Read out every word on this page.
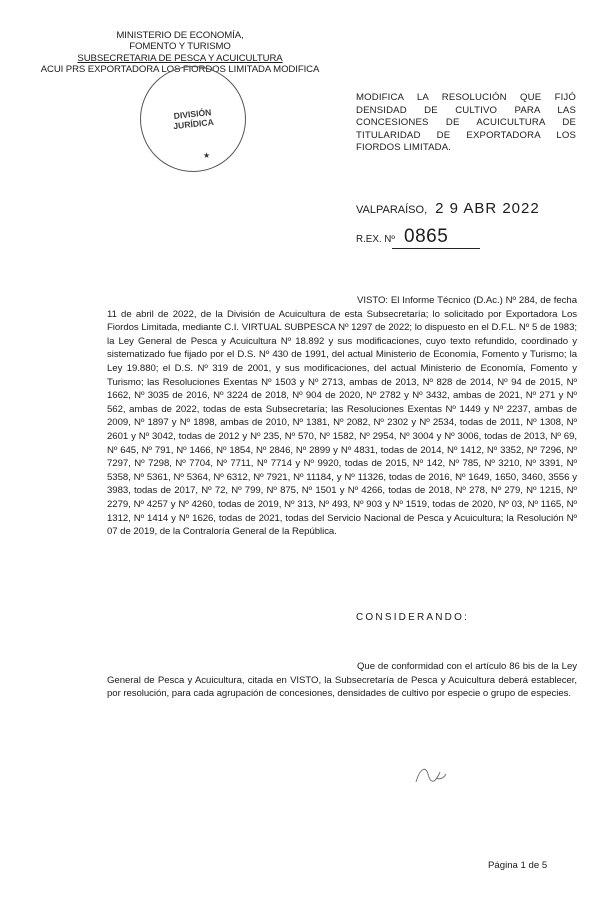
MINISTERIO DE ECONOMÍA,
FOMENTO Y TURISMO
SUBSECRETARIA DE PESCA Y ACUICULTURA
ACUI PRS EXPORTADORA LOS FIORDOS LIMITADA MODIFICA
DIVISIÓN
JURÍDICA
★
MODIFICA LA RESOLUCIÓN QUE FIJÓ DENSIDAD DE CULTIVO PARA LAS CONCESIONES DE ACUICULTURA DE TITULARIDAD DE EXPORTADORA LOS FIORDOS LIMITADA.
VALPARAÍSO, 2 9 ABR 2022
R.EX. Nº 0865
VISTO: El Informe Técnico (D.Ac.) Nº 284, de fecha 11 de abril de 2022, de la División de Acuicultura de esta Subsecretaría; lo solicitado por Exportadora Los Fiordos Limitada, mediante C.I. VIRTUAL SUBPESCA Nº 1297 de 2022; lo dispuesto en el D.F.L. Nº 5 de 1983; la Ley General de Pesca y Acuicultura Nº 18.892 y sus modificaciones, cuyo texto refundido, coordinado y sistematizado fue fijado por el D.S. Nº 430 de 1991, del actual Ministerio de Economía, Fomento y Turismo; la Ley 19.880; el D.S. Nº 319 de 2001, y sus modificaciones, del actual Ministerio de Economía, Fomento y Turismo; las Resoluciones Exentas Nº 1503 y Nº 2713, ambas de 2013, Nº 828 de 2014, Nº 94 de 2015, Nº 1662, Nº 3035 de 2016, Nº 3224 de 2018, Nº 904 de 2020, Nº 2782 y Nº 3432, ambas de 2021, Nº 271 y Nº 562, ambas de 2022, todas de esta Subsecretaría; las Resoluciones Exentas Nº 1449 y Nº 2237, ambas de 2009, Nº 1897 y Nº 1898, ambas de 2010, Nº 1381, Nº 2082, Nº 2302 y Nº 2534, todas de 2011, Nº 1308, Nº 2601 y Nº 3042, todas de 2012 y Nº 235, Nº 570, Nº 1582, Nº 2954, Nº 3004 y Nº 3006, todas de 2013, Nº 69, Nº 645, Nº 791, Nº 1466, Nº 1854, Nº 2846, Nº 2899 y Nº 4831, todas de 2014, Nº 1412, Nº 3352, Nº 7296, Nº 7297, Nº 7298, Nº 7704, Nº 7711, Nº 7714 y Nº 9920, todas de 2015, Nº 142, Nº 785, Nº 3210, Nº 3391, Nº 5358, Nº 5361, Nº 5364, Nº 6312, Nº 7921, Nº 11184, y Nº 11326, todas de 2016, Nº 1649, 1650, 3460, 3556 y 3983, todas de 2017, Nº 72, Nº 799, Nº 875, Nº 1501 y Nº 4266, todas de 2018, Nº 278, Nº 279, Nº 1215, Nº 2279, Nº 4257 y Nº 4260, todas de 2019, Nº 313, Nº 493, Nº 903 y Nº 1519, todas de 2020, Nº 03, Nº 1165, Nº 1312, Nº 1414 y Nº 1626, todas de 2021, todas del Servicio Nacional de Pesca y Acuicultura; la Resolución Nº 07 de 2019, de la Contraloría General de la República.
CONSIDERANDO:
Que de conformidad con el artículo 86 bis de la Ley General de Pesca y Acuicultura, citada en VISTO, la Subsecretaría de Pesca y Acuicultura deberá establecer, por resolución, para cada agrupación de concesiones, densidades de cultivo por especie o grupo de especies.
Página 1 de 5
